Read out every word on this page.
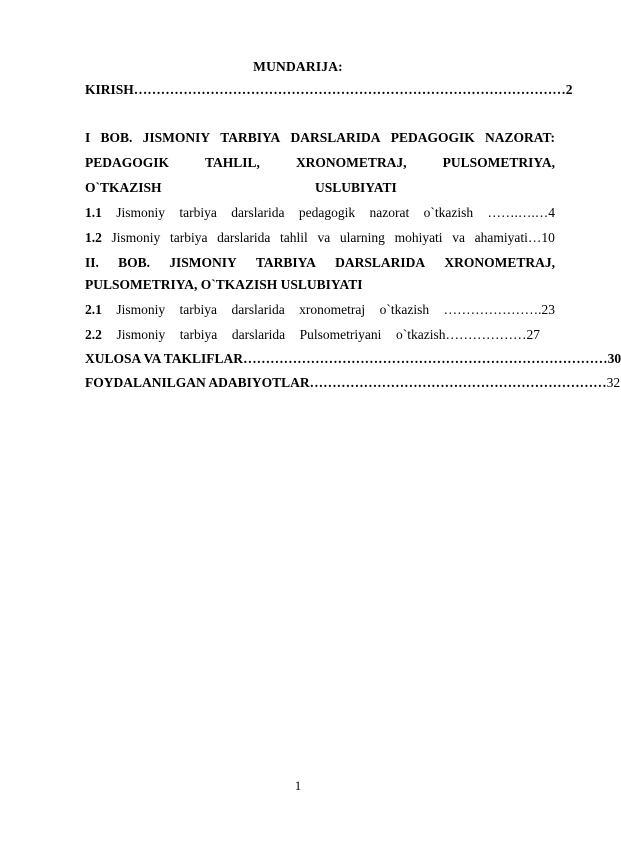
MUNDARIJA:
KIRISH …………………………………………………………………………………… 2
I BOB. JISMONIY TARBIYA DARSLARIDA PEDAGOGIK NAZORAT:
PEDAGOGIK	TAHLIL,	XRONOMETRAJ,	PULSOMETRIYA,
O`TKAZISH	USLUBIYATI
1.1 Jismoniy tarbiya darslarida pedagogik nazorat o`tkazish …….….…4
1.2 Jismoniy tarbiya darslarida tahlil va ularning mohiyati va ahamiyati…10
II. BOB. JISMONIY TARBIYA DARSLARIDA XRONOMETRAJ,
PULSOMETRIYA, O`TKAZISH USLUBIYATI
2.1 Jismoniy tarbiya darslarida xronometraj o`tkazish ………………….23
2.2 Jismoniy tarbiya darslarida Pulsometriyani o`tkazish………………27
XULOSA VA TAKLIFLAR ……………………………………………………………………… 30
FOYDALANILGAN ADABIYOTLAR ………………………………………………………… 32
1
